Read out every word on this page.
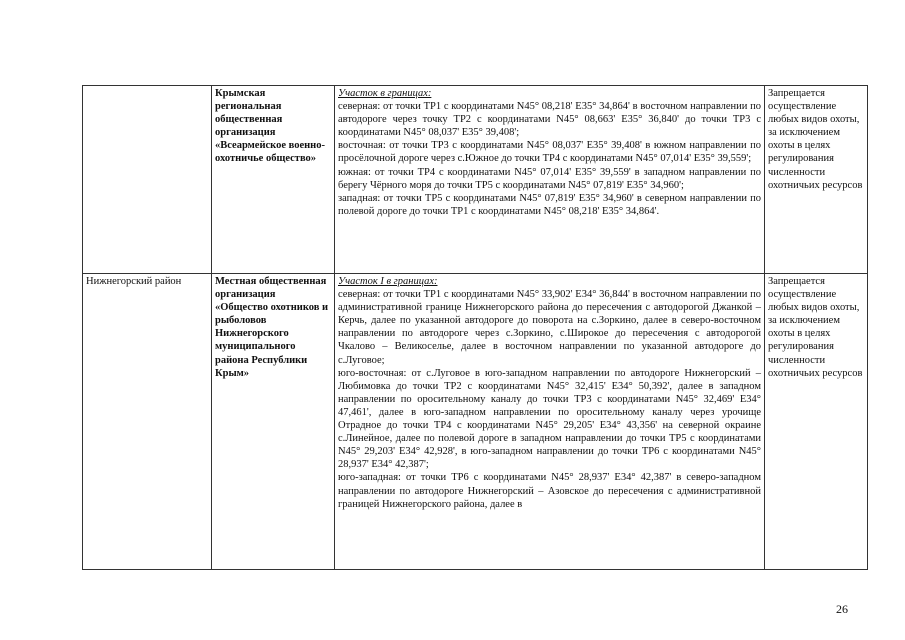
	Крымская региональная общественная организация «Всеармейское военно-охотничье общество»	Участок в границах:
северная: от точки ТР1 с координатами N45° 08,218' E35° 34,864' в восточном направлении по автодороге через точку ТР2 с координатами N45° 08,663' E35° 36,840' до точки ТР3 с координатами N45° 08,037' E35° 39,408';
восточная: от точки ТР3 с координатами N45° 08,037' E35° 39,408' в южном направлении по просёлочной дороге через с.Южное до точки ТР4 с координатами N45° 07,014' E35° 39,559';
южная: от точки ТР4 с координатами N45° 07,014' E35° 39,559' в западном направлении по берегу Чёрного моря до точки ТР5 с координатами N45° 07,819' E35° 34,960';
западная: от точки ТР5 с координатами N45° 07,819' E35° 34,960' в северном направлении по полевой дороге до точки ТР1 с координатами N45° 08,218' E35° 34,864'.	Запрещается осуществление любых видов охоты, за исключением охоты в целях регулирования численности охотничьих ресурсов
Нижнегорский район	Местная общественная организация «Общество охотников и рыболовов Нижнегорского муниципального района Республики Крым»	Участок I в границах:
северная: от точки ТР1 с координатами N45° 33,902' E34° 36,844' в восточном направлении по административной границе Нижнегорского района до пересечения с автодорогой Джанкой – Керчь, далее по указанной автодороге до поворота на с.Зоркино, далее в северо-восточном направлении по автодороге через с.Зоркино, с.Широкое до пересечения с автодорогой Чкалово – Великоселье, далее в восточном направлении по указанной автодороге до с.Луговое;
юго-восточная: от с.Луговое в юго-западном направлении по автодороге Нижнегорский – Любимовка до точки ТР2 с координатами N45° 32,415' E34° 50,392', далее в западном направлении по оросительному каналу до точки ТР3 с координатами N45° 32,469' E34° 47,461', далее в юго-западном направлении по оросительному каналу через урочище Отрадное до точки ТР4 с координатами N45° 29,205' E34° 43,356' на северной окраине с.Линейное, далее по полевой дороге в западном направлении до точки ТР5 с координатами N45° 29,203' E34° 42,928', в юго-западном направлении до точки ТР6 с координатами N45° 28,937' E34° 42,387';
юго-западная: от точки ТР6 с координатами N45° 28,937' E34° 42,387' в северо-западном направлении по автодороге Нижнегорский – Азовское до пересечения с административной границей Нижнегорского района, далее в	Запрещается осуществление любых видов охоты, за исключением охоты в целях регулирования численности охотничьих ресурсов
26
